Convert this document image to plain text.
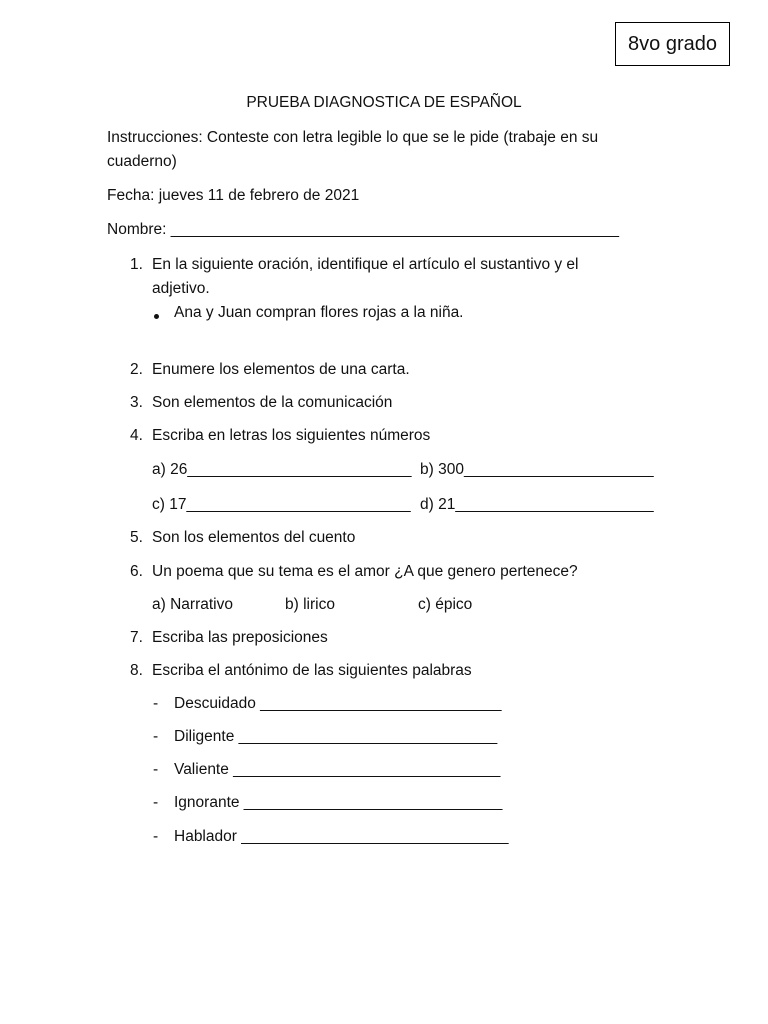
8vo grado
PRUEBA DIAGNOSTICA DE ESPAÑOL
Instrucciones: Conteste con letra legible lo que se le pide (trabaje en su
cuaderno)
Fecha: jueves 11 de febrero de 2021
Nombre: ____________________________________________________
1. En la siguiente oración, identifique el artículo el sustantivo y el
adjetivo.
Ana y Juan compran flores rojas a la niña.
2. Enumere los elementos de una carta.
3. Son elementos de la comunicación
4. Escriba en letras los siguientes números
a) 26__________________________ b) 300______________________
c) 17__________________________ d) 21_______________________
5. Son los elementos del cuento
6. Un poema que su tema es el amor ¿A que genero pertenece?
a) Narrativo	b) lirico	c) épico
7. Escriba las preposiciones
8. Escriba el antónimo de las siguientes palabras
- Descuidado ____________________________
- Diligente ______________________________
- Valiente _______________________________
- Ignorante ______________________________
- Hablador _______________________________
